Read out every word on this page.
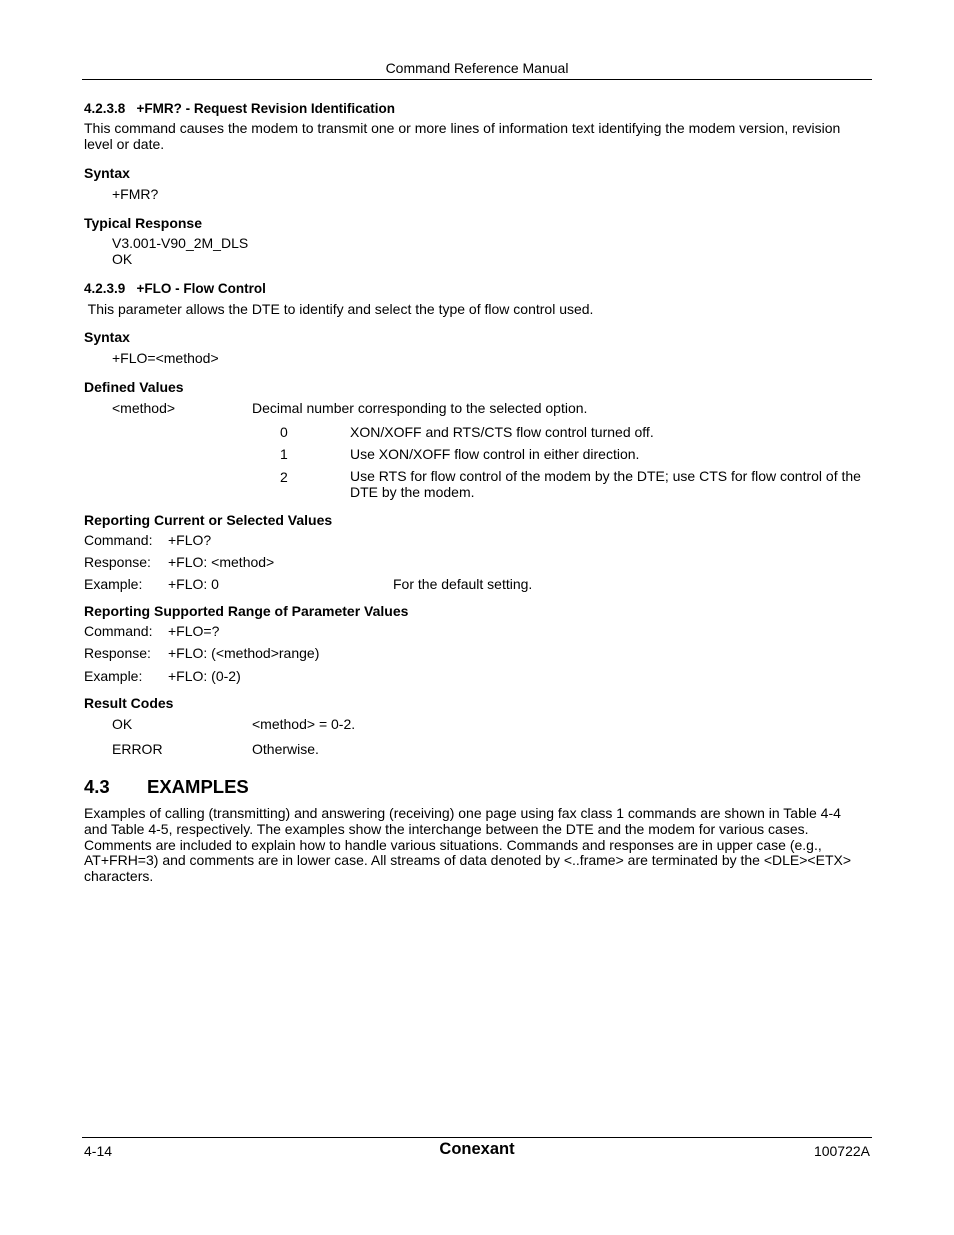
Command Reference Manual
4.2.3.8   +FMR? - Request Revision Identification
This command causes the modem to transmit one or more lines of information text identifying the modem version, revision level or date.
Syntax
+FMR?
Typical Response
V3.001-V90_2M_DLS
OK
4.2.3.9   +FLO - Flow Control
This parameter allows the DTE to identify and select the type of flow control used.
Syntax
+FLO=<method>
Defined Values
<method>	Decimal number corresponding to the selected option.
0	XON/XOFF and RTS/CTS flow control turned off.
1	Use XON/XOFF flow control in either direction.
2	Use RTS for flow control of the modem by the DTE; use CTS for flow control of the DTE by the modem.
Reporting Current or Selected Values
Command: +FLO?
Response: +FLO: <method>
Example: +FLO: 0	For the default setting.
Reporting Supported Range of Parameter Values
Command: +FLO=?
Response: +FLO: (<method>range)
Example: +FLO: (0-2)
Result Codes
OK	<method> = 0-2.
ERROR	Otherwise.
4.3 EXAMPLES
Examples of calling (transmitting) and answering (receiving) one page using fax class 1 commands are shown in Table 4-4 and Table 4-5, respectively. The examples show the interchange between the DTE and the modem for various cases. Comments are included to explain how to handle various situations. Commands and responses are in upper case (e.g., AT+FRH=3) and comments are in lower case. All streams of data denoted by <..frame> are terminated by the <DLE><ETX> characters.
4-14	Conexant	100722A
